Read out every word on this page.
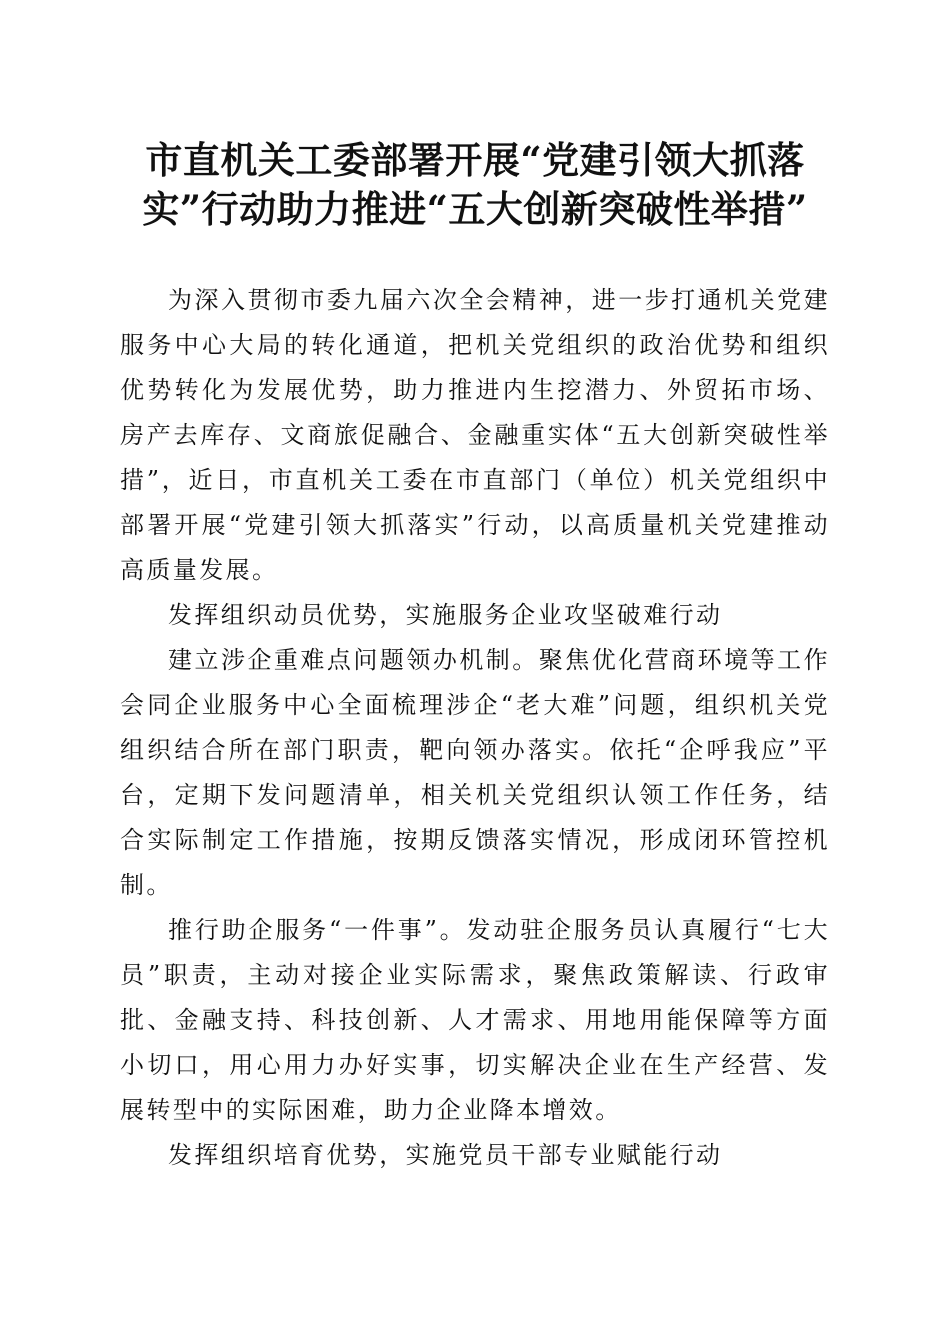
市直机关工委部署开展“党建引领大抓落
实”行动助力推进“五大创新突破性举措”

为深入贯彻市委九届六次全会精神，进一步打通机关党建服务中心大局的转化通道，把机关党组织的政治优势和组织优势转化为发展优势，助力推进内生挖潜力、外贸拓市场、房产去库存、文商旅促融合、金融重实体“五大创新突破性举措”，近日，市直机关工委在市直部门（单位）机关党组织中部署开展“党建引领大抓落实”行动，以高质量机关党建推动高质量发展。

发挥组织动员优势，实施服务企业攻坚破难行动

建立涉企重难点问题领办机制。聚焦优化营商环境等工作会同企业服务中心全面梳理涉企“老大难”问题，组织机关党组织结合所在部门职责，靶向领办落实。依托“企呼我应”平台，定期下发问题清单，相关机关党组织认领工作任务，结合实际制定工作措施，按期反馈落实情况，形成闭环管控机制。

推行助企服务“一件事”。发动驻企服务员认真履行“七大员”职责，主动对接企业实际需求，聚焦政策解读、行政审批、金融支持、科技创新、人才需求、用地用能保障等方面小切口，用心用力办好实事，切实解决企业在生产经营、发展转型中的实际困难，助力企业降本增效。

发挥组织培育优势，实施党员干部专业赋能行动
